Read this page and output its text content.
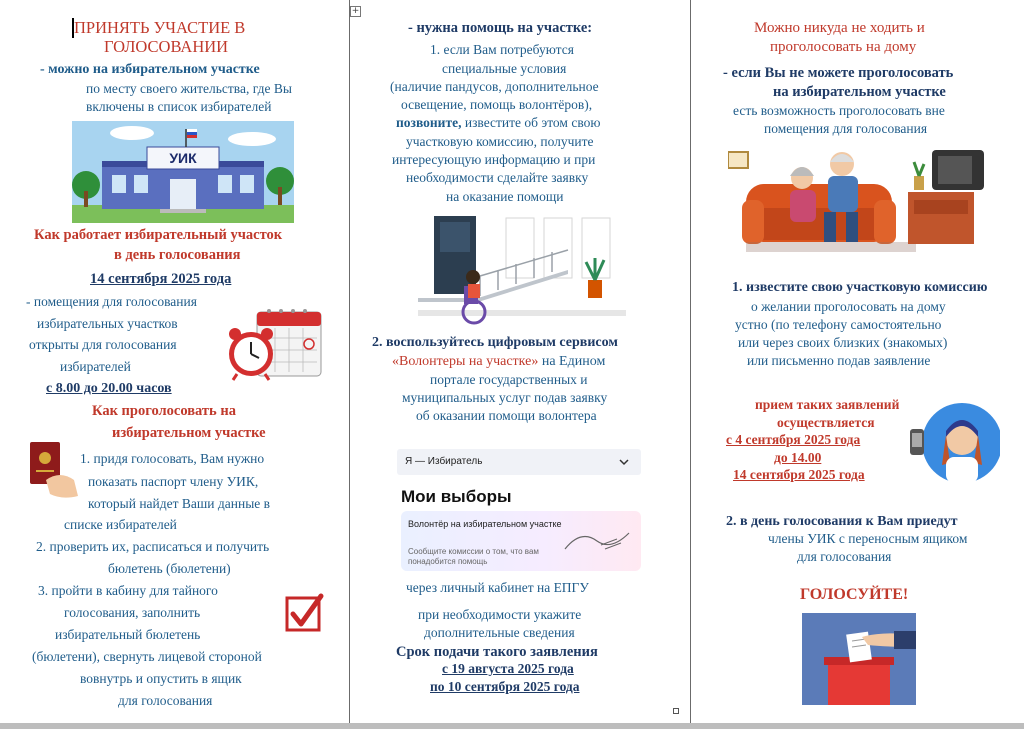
+
ПРИНЯТЬ УЧАСТИЕ В
ГОЛОСОВАНИИ
- можно на избирательном участке
по месту своего жительства, где Вы
включены в список избирателей
УИК
Как работает избирательный участок
в день голосования
14 сентября 2025 года
- помещения для голосования
избирательных участков
открыты для голосования
избирателей
с 8.00 до 20.00 часов
Как проголосовать на
избирательном участке
1. придя голосовать, Вам нужно
показать паспорт члену УИК,
который найдет Ваши данные в
списке избирателей
2. проверить их, расписаться и получить
бюлетень (бюлетени)
3. пройти в кабину для тайного
голосования, заполнить
избирательный бюлетень
(бюлетени), свернуть лицевой стороной
вовнутрь и опустить в ящик
для голосования
- нужна помощь на участке:
1. если Вам потребуются
специальные условия
(наличие пандусов, дополнительное
освещение, помощь волонтёров),
позвоните, известите об этом свою
участковую комиссию, получите
интересующую информацию и при
необходимости сделайте заявку
на оказание помощи
2. воспользуйтесь цифровым сервисом
«Волонтеры на участке» на Едином
портале государственных и
муниципальных услуг подав заявку
об оказании помощи волонтера
Я — Избиратель
Мои выборы
Волонтёр на избирательном участке
Сообщите комиссии о том, что вам понадобится помощь
через личный кабинет на ЕПГУ
при необходимости укажите
дополнительные сведения
Срок подачи такого заявления
с 19 августа 2025 года
по 10 сентября 2025 года
Можно никуда не ходить и
проголосовать на дому
- если Вы не можете проголосовать
на избирательном участке
есть возможность проголосовать вне
помещения для голосования
1. известите свою участковую комиссию
о желании проголосовать на дому
устно (по телефону самостоятельно
или через своих близких (знакомых)
или письменно подав заявление
прием таких заявлений
осуществляется
с 4 сентября 2025 года
до 14.00
14 сентября 2025 года
2. в день голосования к Вам приедут
члены УИК с переносным ящиком
для голосования
ГОЛОСУЙТЕ!
